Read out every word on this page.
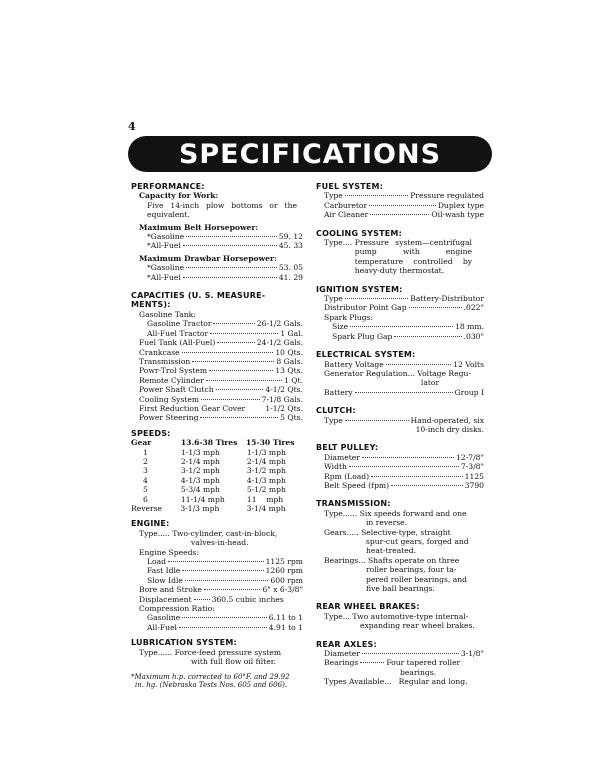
4
SPECIFICATIONS
PERFORMANCE:
Capacity for Work:
Five 14-inch plow bottoms or the equivalent.
Maximum Belt Horsepower:
*Gasoline	59. 12
*All-Fuel	45. 33
Maximum Drawbar Horsepower:
*Gasoline	53. 05
*All-Fuel	41. 29
CAPACITIES (U. S. MEASURE-
MENTS):
Gasoline Tank:
Gasoline Tractor	26-1/2 Gals.
All-Fuel Tractor	1 Gal.
Fuel Tank (All-Fuel)	24-1/2 Gals.
Crankcase	10 Qts.
Transmission	8 Gals.
Powr-Trol System	13 Qts.
Remote Cylinder	1 Qt.
Power Shaft Clutch	4-1/2 Qts.
Cooling System	7-1/8 Gals.
First Reduction Gear Cover	1-1/2 Qts.
Power Steering	5 Qts.
SPEEDS:
Gear	13.6-38 Tires	15-30 Tires
1	1-1/3 mph	1-1/3 mph
2	2-1/4 mph	2-1/4 mph
3	3-1/2 mph	3-1/2 mph
4	4-1/3 mph	4-1/3 mph
5	5-3/4 mph	5-1/2 mph
6	11-1/4 mph	11    mph
Reverse	3-1/3 mph	3-1/4 mph
ENGINE:
Type..... Two-cylinder, cast-in-block,
valves-in-head.
Engine Speeds:
Load	1125 rpm
Fast Idle	1260 rpm
Slow Idle	600 rpm
Bore and Stroke	6" x 6-3/8"
Displacement	360.5 cubic inches
Compression Ratio:
Gasoline	6.11 to 1
All-Fuel	4.91 to 1
LUBRICATION SYSTEM:
Type...... Force-feed pressure system
with full flow oil filter.
*Maximum h.p. corrected to 60°F. and 29.92
in. hg. (Nebraska Tests Nos. 605 and 606).
FUEL SYSTEM:
Type	Pressure regulated
Carburetor	Duplex type
Air Cleaner	Oil-wash type
COOLING SYSTEM:
Type .... Pressure system—centrifugal pump with engine temperature controlled by heavy-duty thermostat.
IGNITION SYSTEM:
Type	Battery-Distributor
Distributor Point Gap	.022"
Spark Plugs:
Size	18 mm.
Spark Plug Gap	.030"
ELECTRICAL SYSTEM:
Battery Voltage	12 Volts
Generator Regulation ... Voltage Regu-
lator
Battery	Group I
CLUTCH:
Type	Hand-operated, six
10-inch dry disks.
BELT PULLEY:
Diameter	12-7/8"
Width	7-3/8"
Rpm (Load)	1125
Belt Speed (fpm)	3790
TRANSMISSION:
Type...... Six speeds forward and one
in reverse.
Gears..... Selective-type, straight
spur-cut gears, forged and
heat-treated.
Bearings... Shafts operate on three
roller bearings, four ta-
pered roller bearings, and
five ball bearings.
REAR WHEEL BRAKES:
Type... Two automotive-type internal-
expanding rear wheel brakes.
REAR AXLES:
Diameter	3-1/8"
Bearings	Four tapered roller
bearings.
Types Available...   Regular and long.
